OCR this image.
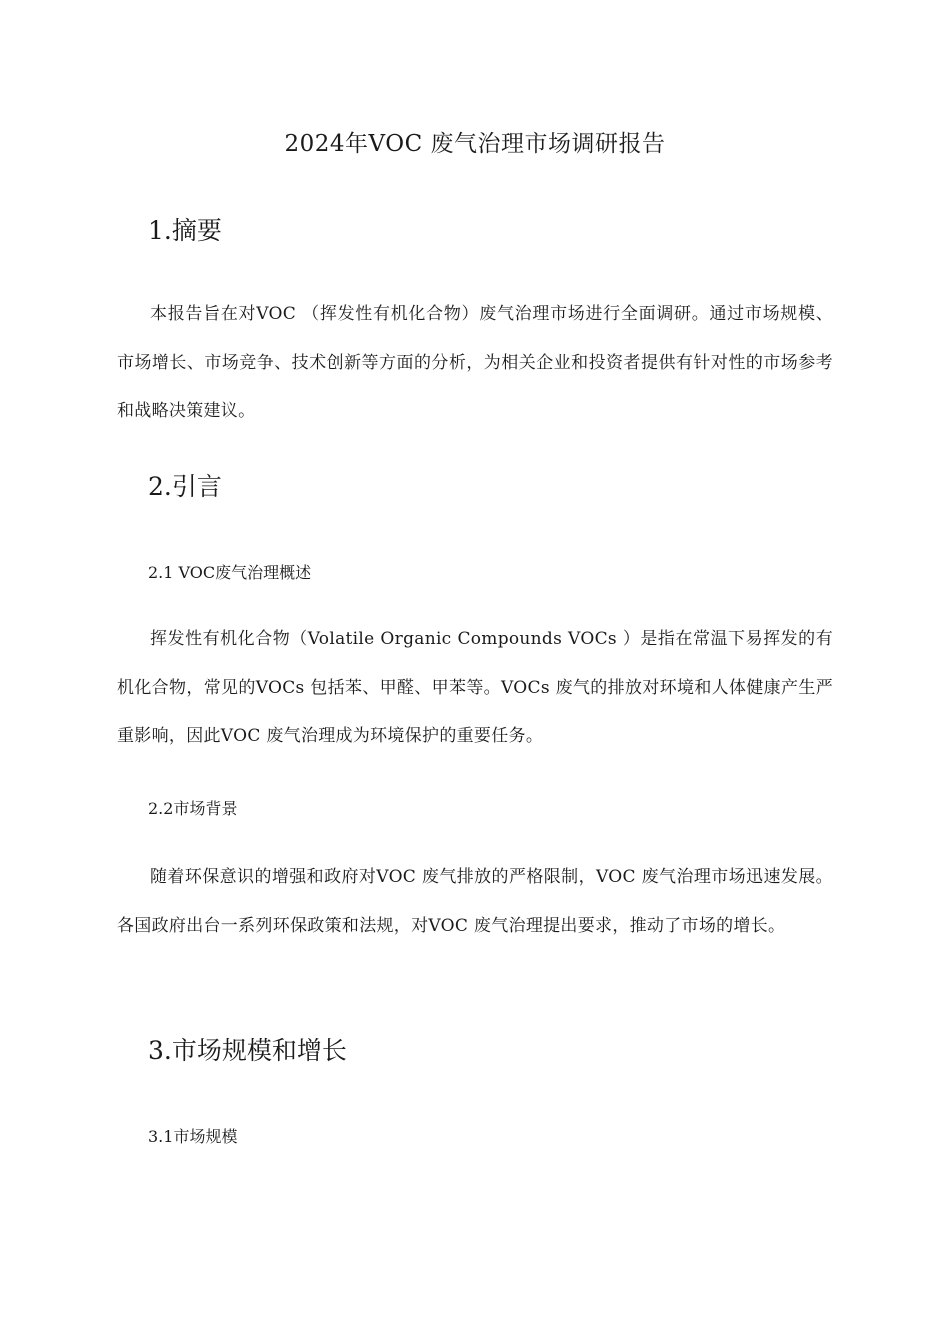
2024年VOC 废气治理市场调研报告
1.摘要

本报告旨在对VOC （挥发性有机化合物）废气治理市场进行全面调研。通过市场规模、市场增长、市场竞争、技术创新等方面的分析，为相关企业和投资者提供有针对性的市场参考和战略决策建议。

2.引言
2.1 VOC废气治理概述

挥发性有机化合物（Volatile Organic Compounds VOCs ）是指在常温下易挥发的有机化合物，常见的VOCs 包括苯、甲醛、甲苯等。VOCs 废气的排放对环境和人体健康产生严重影响，因此VOC 废气治理成为环境保护的重要任务。

2.2市场背景

随着环保意识的增强和政府对VOC 废气排放的严格限制，VOC 废气治理市场迅速发展。各国政府出台一系列环保政策和法规，对VOC 废气治理提出要求，推动了市场的增长。

3.市场规模和增长
3.1市场规模
